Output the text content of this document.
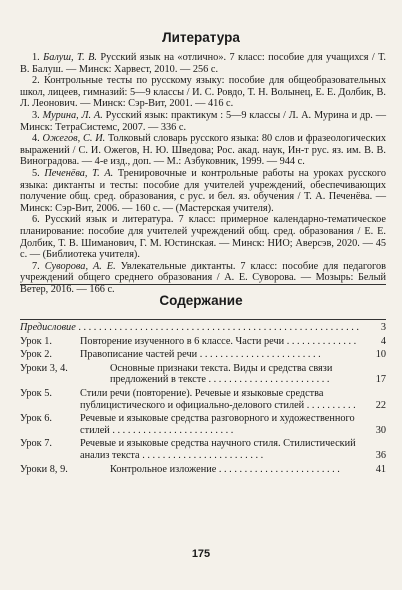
Литература

1. Балуш, Т. В. Русский язык на «отлично». 7 класс: пособие для учащихся / Т. В. Балуш. — Минск: Харвест, 2010. — 256 с.

2. Контрольные тесты по русскому языку: пособие для общеобразовательных школ, лицеев, гимназий: 5—9 классы / И. С. Ровдо, Т. Н. Волынец, Е. Е. Долбик, В. Л. Леонович. — Минск: Сэр-Вит, 2001. — 416 с.

3. Мурина, Л. А. Русский язык: практикум : 5—9 классы / Л. А. Мурина и др. — Минск: ТетраСистемс, 2007. — 336 с.

4. Ожегов, С. И. Толковый словарь русского языка: 80 слов и фразеологических выражений / С. И. Ожегов, Н. Ю. Шведова; Рос. акад. наук, Ин-т рус. яз. им. В. В. Виноградова. — 4-е изд., доп. — М.: Азбуковник, 1999. — 944 с.

5. Печенёва, Т. А. Тренировочные и контрольные работы на уроках русского языка: диктанты и тесты: пособие для учителей учреждений, обеспечивающих получение общ. сред. образования, с рус. и бел. яз. обучения / Т. А. Печенёва. — Минск: Сэр-Вит, 2006. — 160 с. — (Мастерская учителя).

6. Русский язык и литература. 7 класс: примерное календарно-тематическое планирование: пособие для учителей учреждений общ. сред. образования / Е. Е. Долбик, Т. В. Шиманович, Г. М. Юстинская. — Минск: НИО; Аверсэв, 2020. — 45 с. — (Библиотека учителя).

7. Суворова, А. Е. Увлекательные диктанты. 7 класс: пособие для педагогов учреждений общего среднего образования / А. Е. Суворова. — Мозырь: Белый Ветер, 2016. — 166 с.

Содержание
Предисловие . . . . . . . . . . . . . . . . . . . . . . . . . . . . . . . . . . . . . . . . . . . . . . . . . . . . . . .	3
Урок 1.	Повторение изученного в 6 классе. Части речи . . . . . . . . . . . . . .	4
Урок 2.	Правописание частей речи . . . . . . . . . . . . . . . . . . . . . . . .	10
Уроки 3, 4.	Основные признаки текста. Виды и средства связи предложений в тексте . . . . . . . . . . . . . . . . . . . . . . . .	17
Урок 5.	Стили речи (повторение). Речевые и языковые средства публицистического и официально-делового стилей . . . . . . . . . .	22
Урок 6.	Речевые и языковые средства разговорного и художественного стилей . . . . . . . . . . . . . . . . . . . . . . . .	30
Урок 7.	Речевые и языковые средства научного стиля. Стилистический анализ текста . . . . . . . . . . . . . . . . . . . . . . . .	36
Уроки 8, 9.	Контрольное изложение . . . . . . . . . . . . . . . . . . . . . . . .	41
175
